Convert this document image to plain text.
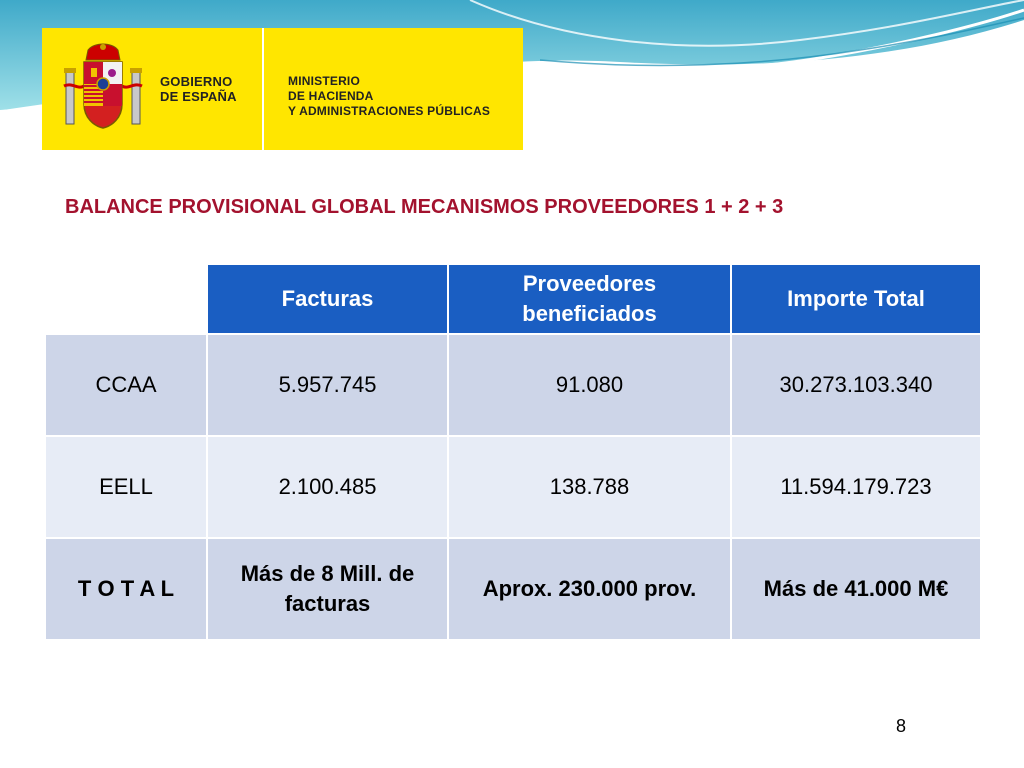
GOBIERNO
DE ESPAÑA
MINISTERIO
DE HACIENDA
Y ADMINISTRACIONES PÚBLICAS
BALANCE PROVISIONAL GLOBAL MECANISMOS PROVEEDORES 1 + 2 + 3
	Facturas	Proveedores beneficiados	Importe Total
CCAA	5.957.745	91.080	30.273.103.340
EELL	2.100.485	138.788	11.594.179.723
T O T A L	Más de 8 Mill. de facturas	Aprox. 230.000 prov.	Más de 41.000 M€
8
